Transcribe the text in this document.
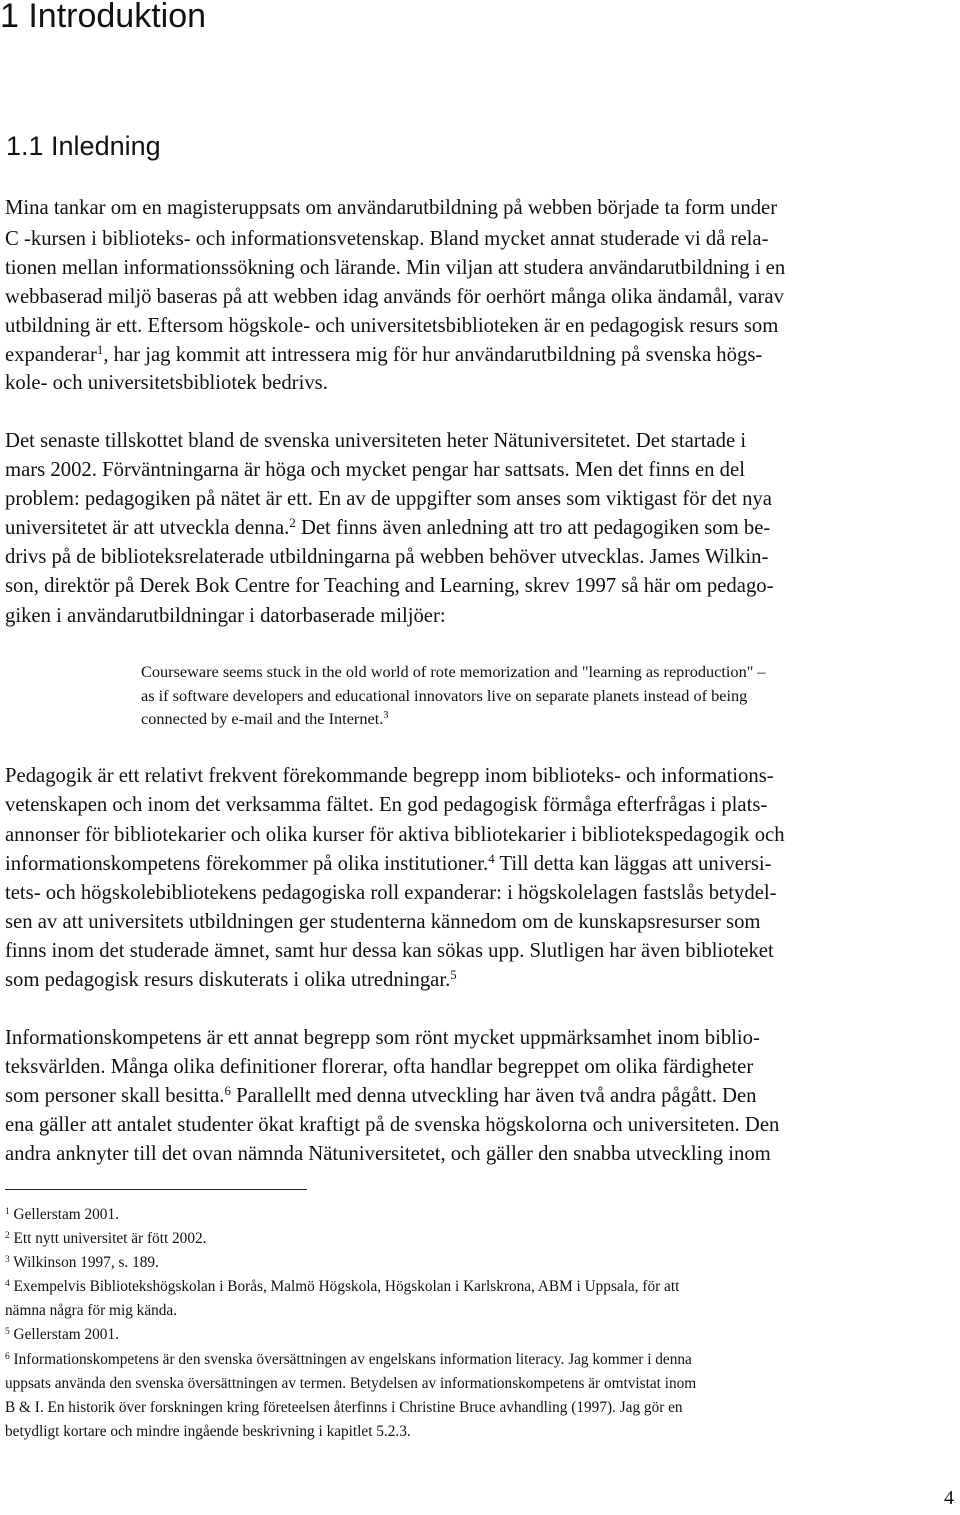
1 Introduktion
1.1 Inledning
Mina tankar om en magisteruppsats om användarutbildning på webben började ta form under
C -kursen i biblioteks- och informationsvetenskap. Bland mycket annat studerade vi då rela-
tionen mellan informationssökning och lärande. Min viljan att studera användarutbildning i en
webbaserad miljö baseras på att webben idag används för oerhört många olika ändamål, varav
utbildning är ett. Eftersom högskole- och universitetsbiblioteken är en pedagogisk resurs som
expanderar$^1$, har jag kommit att intressera mig för hur användarutbildning på svenska högs-
kole- och universitetsbibliotek bedrivs.
Det senaste tillskottet bland de svenska universiteten heter Nätuniversitetet. Det startade i
mars 2002. Förväntningarna är höga och mycket pengar har sattsats. Men det finns en del
problem: pedagogiken på nätet är ett. En av de uppgifter som anses som viktigast för det nya
universitetet är att utveckla denna.$^2$ Det finns även anledning att tro att pedagogiken som be-
drivs på de biblioteksrelaterade utbildningarna på webben behöver utvecklas. James Wilkin-
son, direktör på Derek Bok Centre for Teaching and Learning, skrev 1997 så här om pedago-
giken i användarutbildningar i datorbaserade miljöer:
Courseware seems stuck in the old world of rote memorization and "learning as reproduction" –
as if software developers and educational innovators live on separate planets instead of being
connected by e-mail and the Internet.$^3$
Pedagogik är ett relativt frekvent förekommande begrepp inom biblioteks- och informations-
vetenskapen och inom det verksamma fältet. En god pedagogisk förmåga efterfrågas i plats-
annonser för bibliotekarier och olika kurser för aktiva bibliotekarier i bibliotekspedagogik och
informationskompetens förekommer på olika institutioner.$^4$ Till detta kan läggas att universi-
tets- och högskolebibliotekens pedagogiska roll expanderar: i högskolelagen fastslås betydel-
sen av att universitets utbildningen ger studenterna kännedom om de kunskapsresurser som
finns inom det studerade ämnet, samt hur dessa kan sökas upp. Slutligen har även biblioteket
som pedagogisk resurs diskuterats i olika utredningar.$^5$
Informationskompetens är ett annat begrepp som rönt mycket uppmärksamhet inom biblio-
teksvärlden. Många olika definitioner florerar, ofta handlar begreppet om olika färdigheter
som personer skall besitta.$^6$ Parallellt med denna utveckling har även två andra pågått. Den
ena gäller att antalet studenter ökat kraftigt på de svenska högskolorna och universiteten. Den
andra anknyter till det ovan nämnda Nätuniversitetet, och gäller den snabba utveckling inom
$^1$ Gellerstam 2001.
$^2$ Ett nytt universitet är fött 2002.
$^3$ Wilkinson 1997, s. 189.
$^4$ Exempelvis Bibliotekshögskolan i Borås, Malmö Högskola, Högskolan i Karlskrona, ABM i Uppsala, för att
nämna några för mig kända.
$^5$ Gellerstam 2001.
$^6$ Informationskompetens är den svenska översättningen av engelskans information literacy. Jag kommer i denna
uppsats använda den svenska översättningen av termen. Betydelsen av informationskompetens är omtvistat inom
B & I. En historik över forskningen kring företeelsen återfinns i Christine Bruce avhandling (1997). Jag gör en
betydligt kortare och mindre ingående beskrivning i kapitlet 5.2.3.
4
